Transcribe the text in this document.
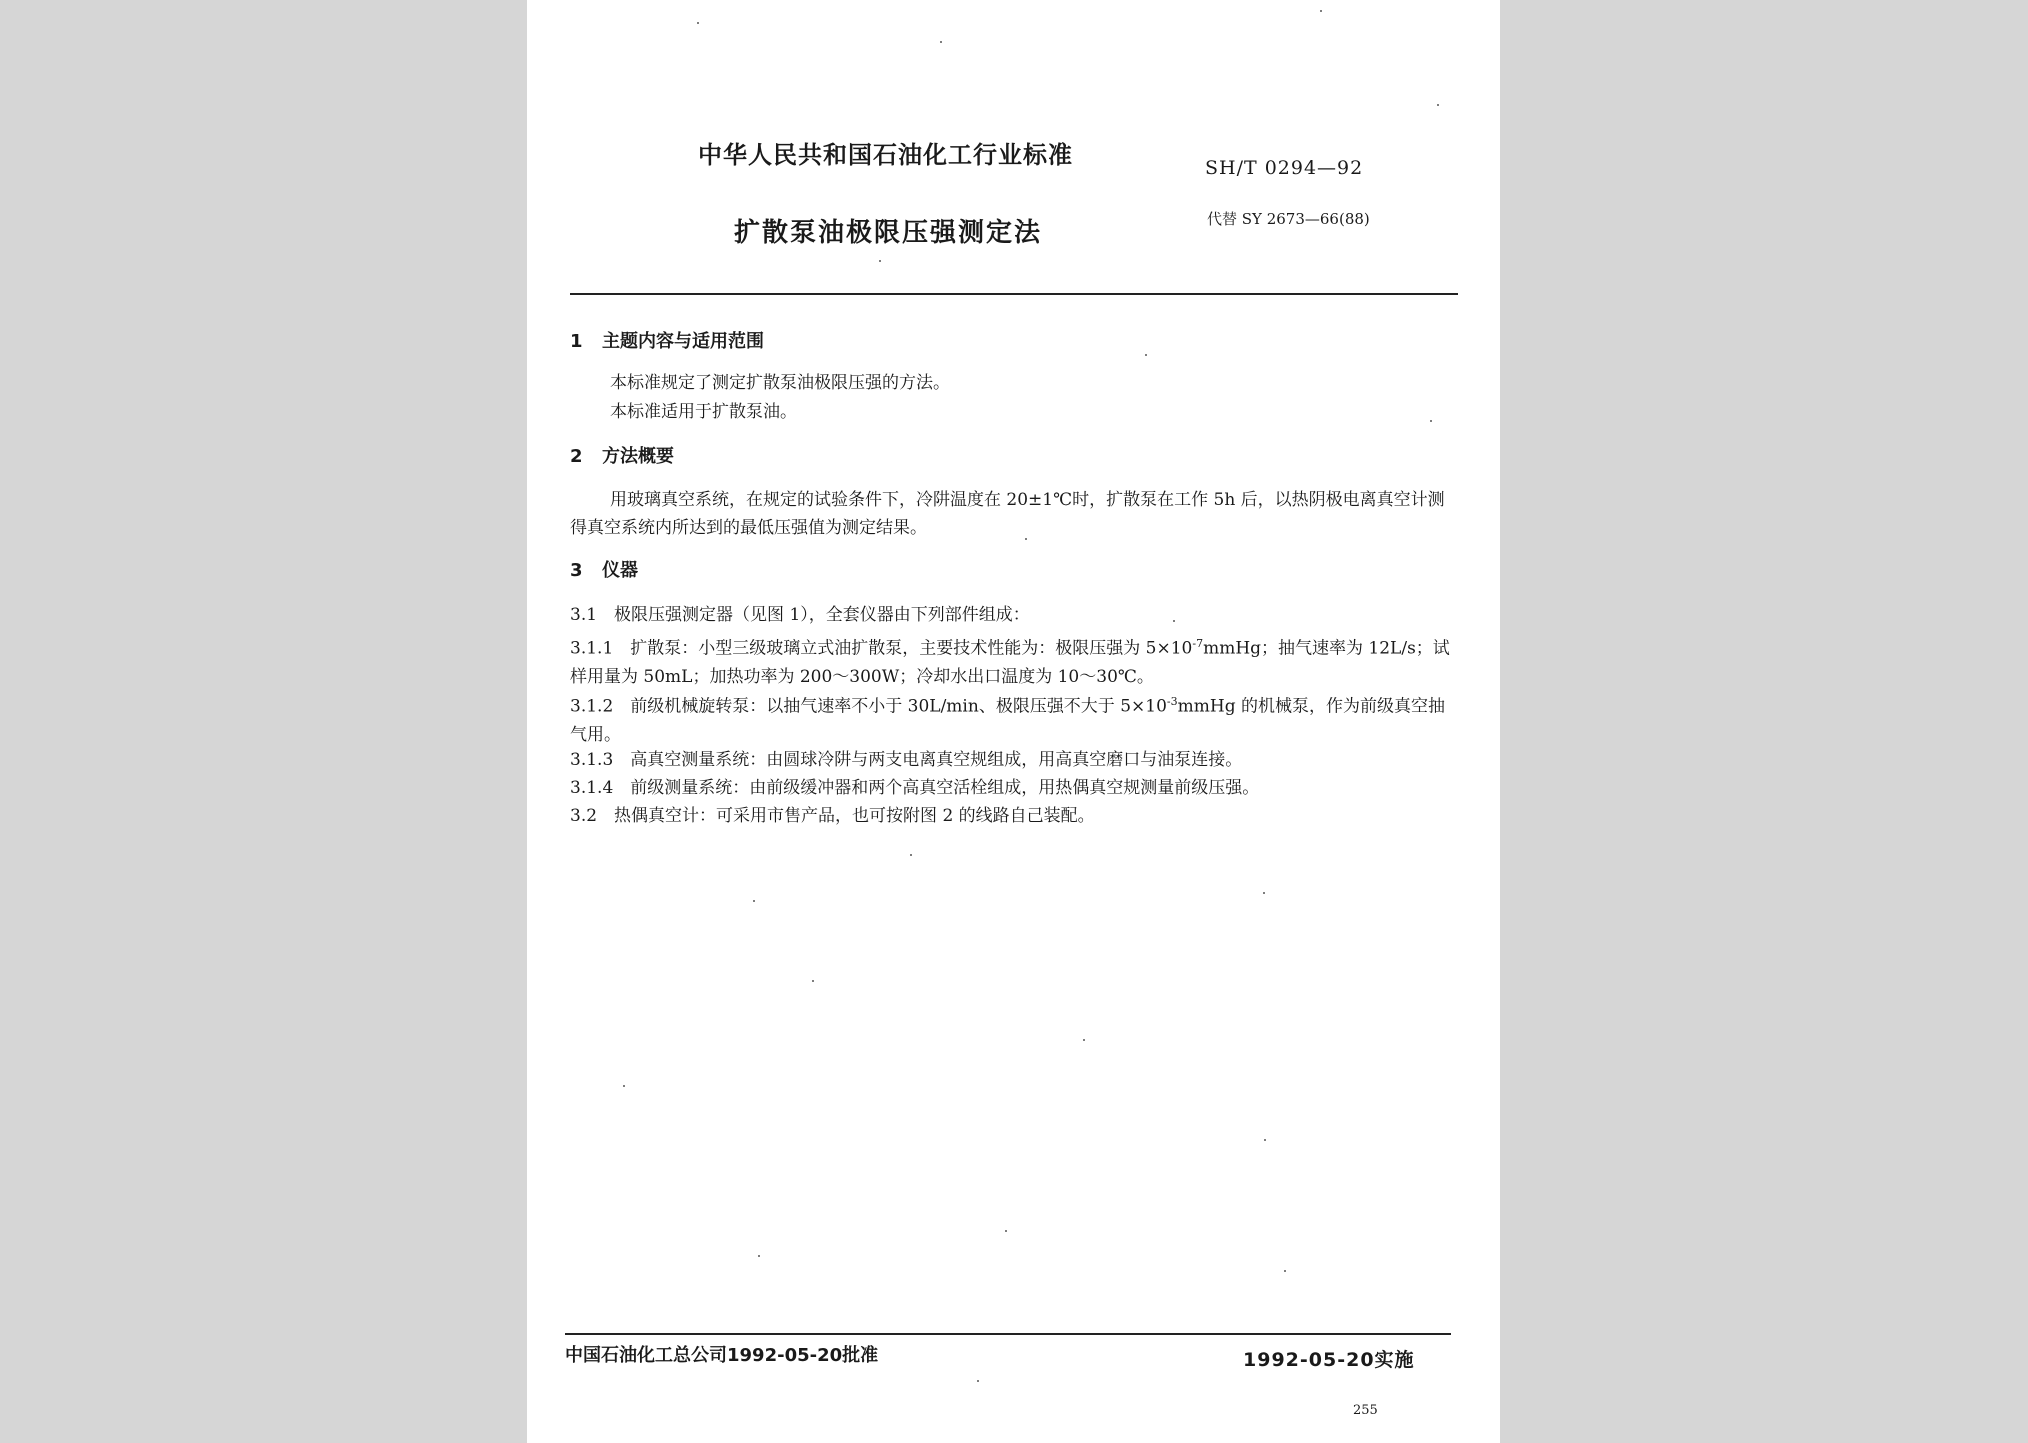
中华人民共和国石油化工行业标准	SH/T 0294—92
扩散泵油极限压强测定法	代替 SY 2673—66(88)
1 主题内容与适用范围
本标准规定了测定扩散泵油极限压强的方法。
本标准适用于扩散泵油。
2 方法概要
用玻璃真空系统，在规定的试验条件下，冷阱温度在 20±1℃时，扩散泵在工作 5h 后，以热阴极电离真空计测得真空系统内所达到的最低压强值为测定结果。
3 仪器
3.1　极限压强测定器（见图 1），全套仪器由下列部件组成：
3.1.1　扩散泵：小型三级玻璃立式油扩散泵，主要技术性能为：极限压强为 $5\times 10^{-7}mmHg$；抽气速率为 12L/s；试样用量为 50mL；加热功率为 200～300W；冷却水出口温度为 10～30℃。
3.1.2　前级机械旋转泵：以抽气速率不小于 30L/min、极限压强不大于 $5\times 10^{-3}mmHg$ 的机械泵，作为前级真空抽气用。
3.1.3　高真空测量系统：由圆球冷阱与两支电离真空规组成，用高真空磨口与油泵连接。
3.1.4　前级测量系统：由前级缓冲器和两个高真空活栓组成，用热偶真空规测量前级压强。
3.2　热偶真空计：可采用市售产品，也可按附图 2 的线路自己装配。
中国石油化工总公司1992-05-20批准	1992-05-20实施
255
